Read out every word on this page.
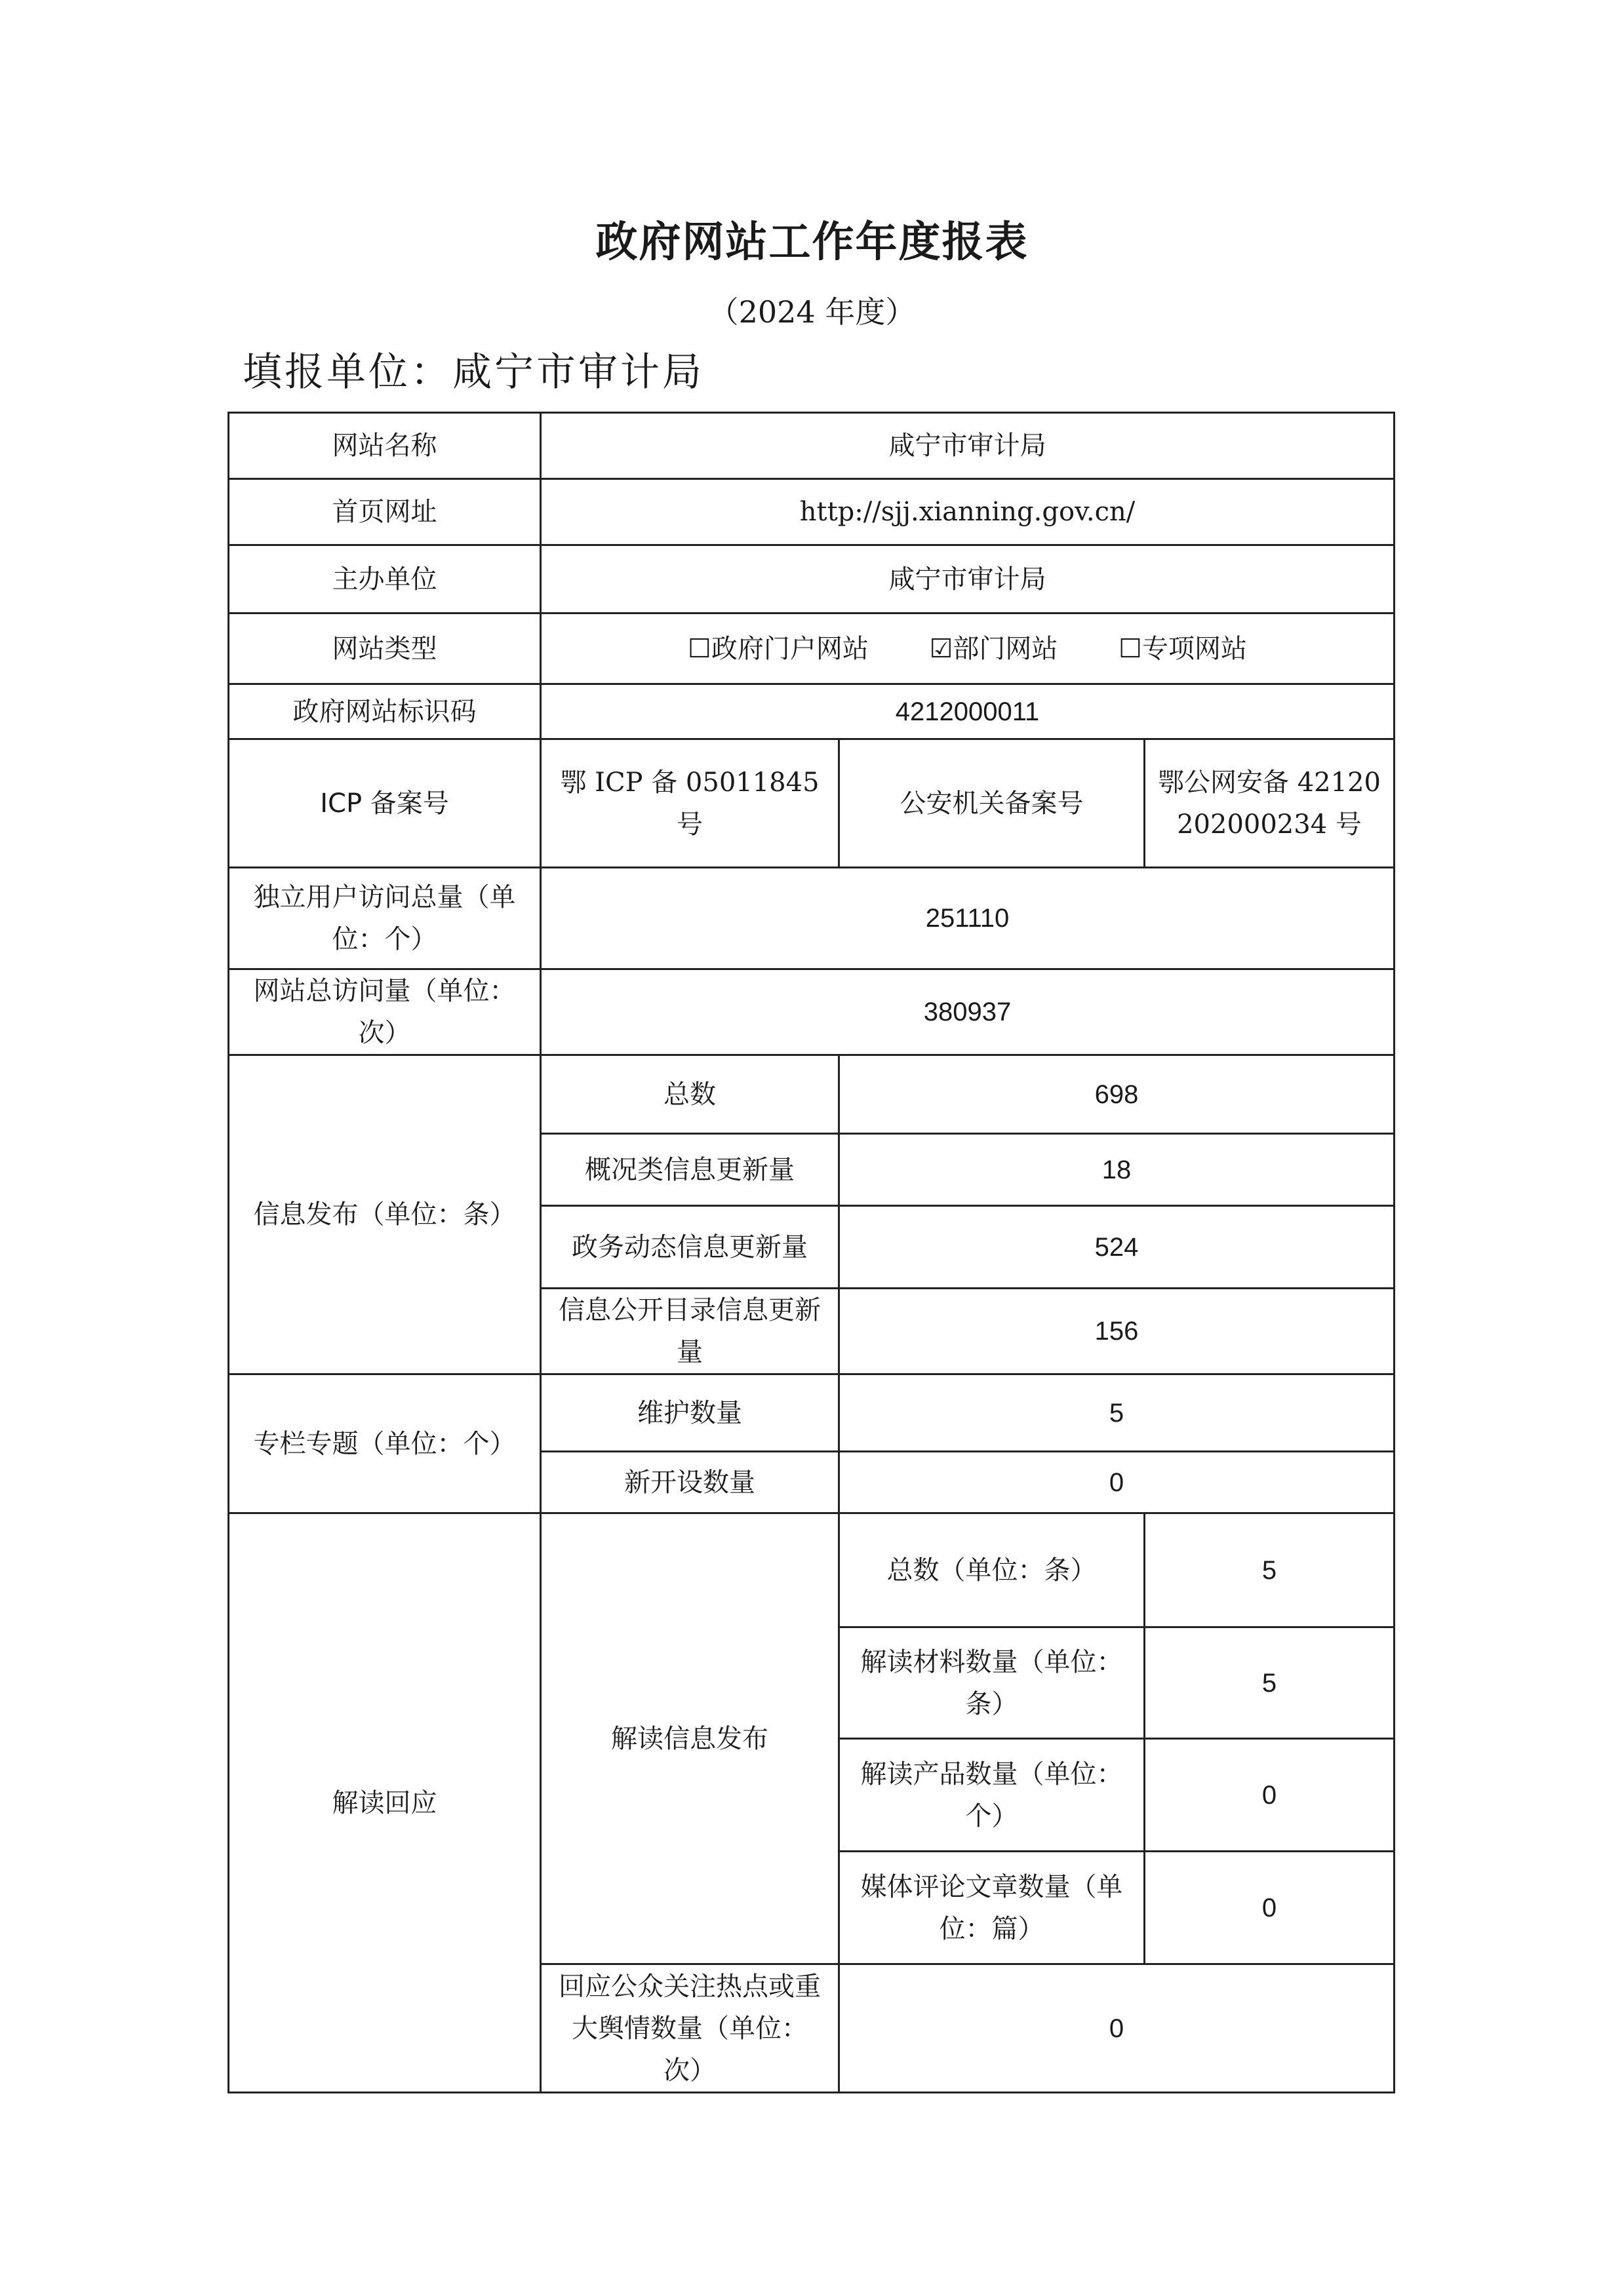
政府网站工作年度报表
（2024 年度）
填报单位：咸宁市审计局
网站名称	咸宁市审计局		
首页网址	http://sjj.xianning.gov.cn/		
主办单位	咸宁市审计局		
网站类型	☐政府门户网站 ☑部门网站 ☐专项网站		
政府网站标识码	4212000011		
ICP 备案号	鄂 ICP 备 05011845 号	公安机关备案号	鄂公网安备 42120202000234 号
独立用户访问总量（单位：个）	251110		
网站总访问量（单位：次）	380937		
信息发布（单位：条）	总数	698	
	概况类信息更新量	18	
	政务动态信息更新量	524	
	信息公开目录信息更新量	156	
专栏专题（单位：个）	维护数量	5	
	新开设数量	0	
解读回应	解读信息发布	总数（单位：条）	5
		解读材料数量（单位：条）	5
		解读产品数量（单位：个）	0
		媒体评论文章数量（单位：篇）	0
	回应公众关注热点或重大舆情数量（单位：次）	0	
